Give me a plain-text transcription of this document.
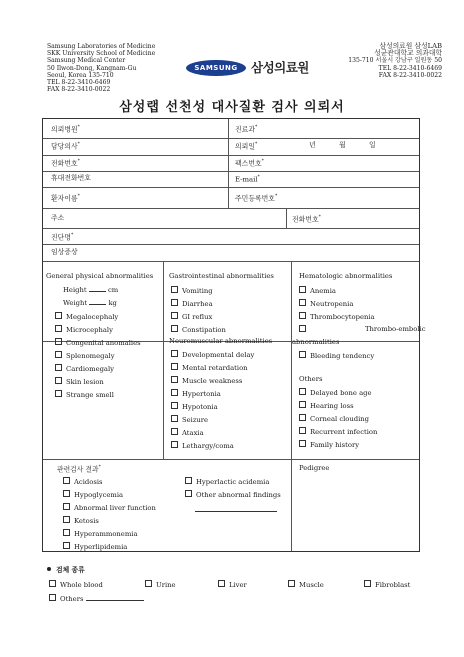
Samsung Laboratories of Medicine
SKK University School of Medicine
Samsung Medical Center
50 Ilwon-Dong, Kangnam-Gu
Seoul, Korea 135-710
TEL 8-22-3410-6469
FAX 8-22-3410-0022
SAMSUNG	삼성의료원
삼성의료원 삼성LAB
성균관대학교 의과대학
135-710 서울시 강남구 일원동 50
TEL 8-22-3410-6469
FAX 8-22-3410-0022
삼성랩 선천성 대사질환 검사 의뢰서
의뢰병원*	진료과*
담당의사*	의뢰일*	년	월	일
전화번호*	팩스번호*
휴대전화번호	E-mail*
환자이름*	주민등록번호*
주소	전화번호*
진단명*
임상증상
General physical abnormalities
Height	cm
Weight	kg
Megalocephaly
Microcephaly
Congenital anomalies
Splenomegaly
Cardiomegaly
Skin lesion
Strange smell
Gastrointestinal abnormalities
Vomiting
Diarrhea
GI reflux
Constipation
Neuromuscular abnormalities
Developmental delay
Mental retardation
Muscle weakness
Hypertonia
Hypotonia
Seizure
Ataxia
Lethargy/coma
Hematologic abnormalities
Anemia
Neutropenia
Thrombocytopenia
Thrombo-embolic
abnormalities
Bleeding tendency
Others
Delayed bone age
Hearing loss
Corneal clouding
Recurrent infection
Family history
관련검사 결과*
Acidosis
Hypoglycemia
Abnormal liver function
Ketosis
Hyperammonemia
Hyperlipidemia
Hyperlactic acidemia
Other abnormal findings
Pedigree
검체 종류
Whole blood	Urine	Liver	Muscle	Fibroblast
Others
